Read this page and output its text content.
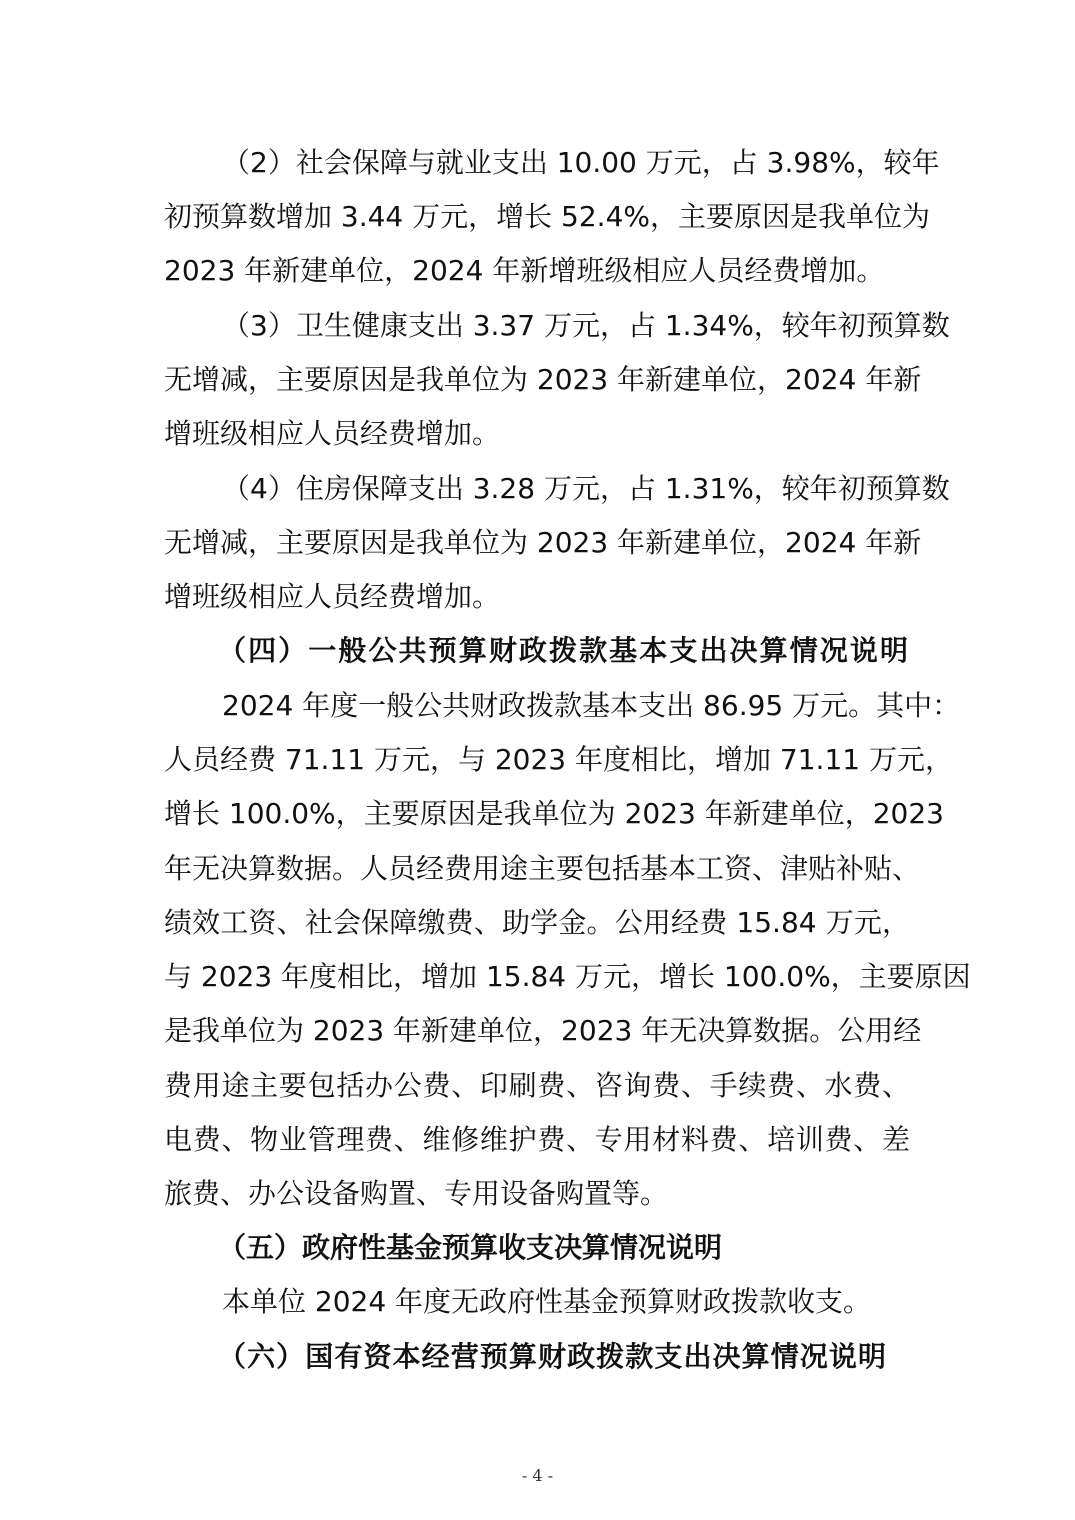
（2）社会保障与就业支出 10.00 万元，占 3.98%，较年
初预算数增加 3.44 万元，增长 52.4%，主要原因是我单位为
2023 年新建单位，2024 年新增班级相应人员经费增加。
（3）卫生健康支出 3.37 万元，占 1.34%，较年初预算数
无增减，主要原因是我单位为 2023 年新建单位，2024 年新
增班级相应人员经费增加。
（4）住房保障支出 3.28 万元，占 1.31%，较年初预算数
无增减，主要原因是我单位为 2023 年新建单位，2024 年新
增班级相应人员经费增加。
（四）一般公共预算财政拨款基本支出决算情况说明
2024 年度一般公共财政拨款基本支出 86.95 万元。其中：
人员经费 71.11 万元，与 2023 年度相比，增加 71.11 万元，
增长 100.0%，主要原因是我单位为 2023 年新建单位，2023
年无决算数据。人员经费用途主要包括基本工资、津贴补贴、
绩效工资、社会保障缴费、助学金。公用经费 15.84 万元，
与 2023 年度相比，增加 15.84 万元，增长 100.0%，主要原因
是我单位为 2023 年新建单位，2023 年无决算数据。公用经
费用途主要包括办公费、印刷费、咨询费、手续费、水费、
电费、物业管理费、维修维护费、专用材料费、培训费、差
旅费、办公设备购置、专用设备购置等。
（五）政府性基金预算收支决算情况说明
本单位 2024 年度无政府性基金预算财政拨款收支。
（六）国有资本经营预算财政拨款支出决算情况说明
- 4 -
